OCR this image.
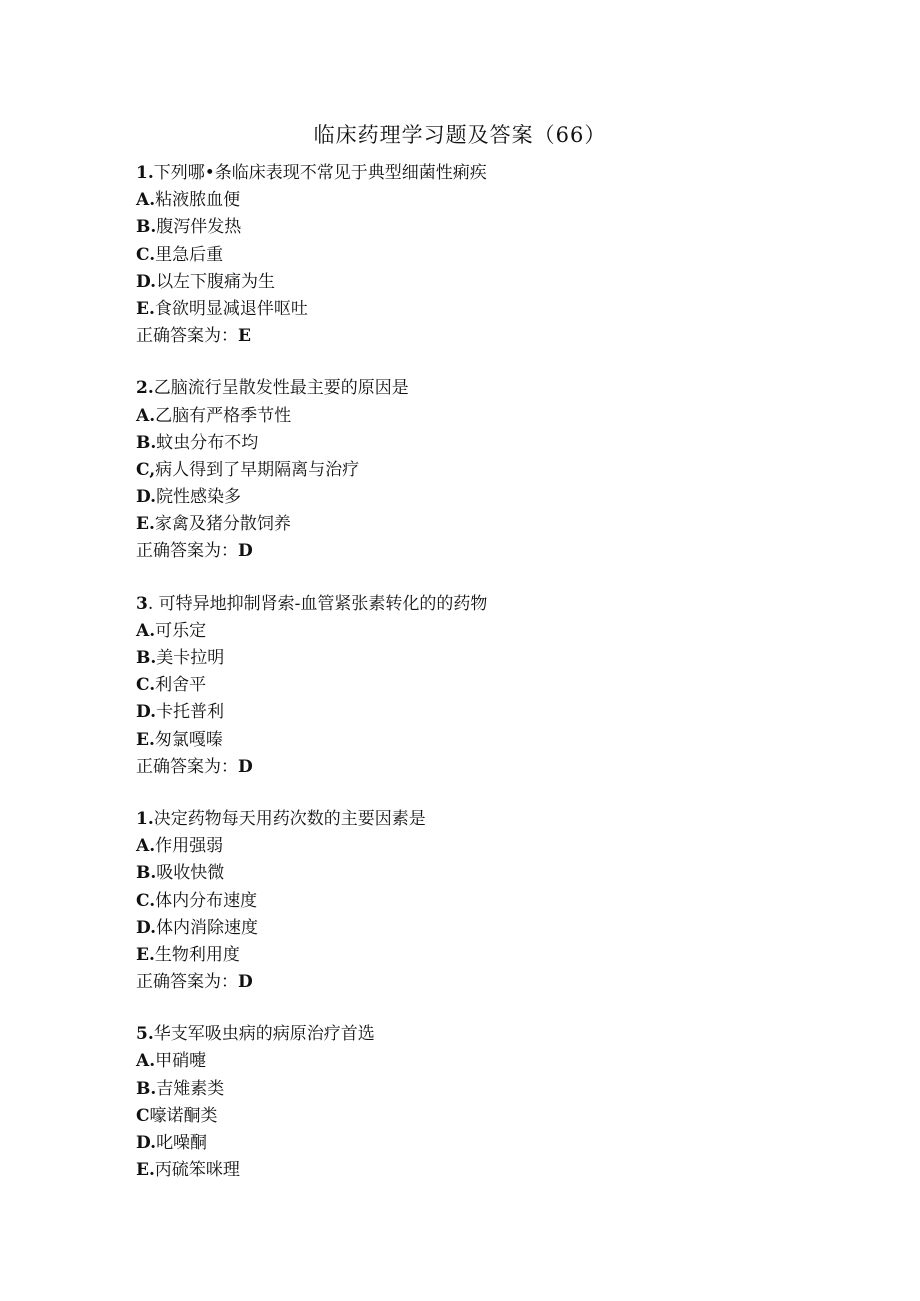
临床药理学习题及答案（66）
1.下列哪•条临床表现不常见于典型细菌性痢疾
A.粘液脓血便
B.腹泻伴发热
C.里急后重
D.以左下腹痛为生
E.食欲明显减退伴呕吐
正确答案为：E
2.乙脑流行呈散发性最主要的原因是
A.乙脑有严格季节性
B.蚊虫分布不均
C,病人得到了早期隔离与治疗
D.院性感染多
E.家禽及猪分散饲养
正确答案为：D
3. 可特异地抑制肾索-血管紧张素转化的的药物
A.可乐定
B.美卡拉明
C.利舍平
D.卡托普利
E.匆氯嘎嗪
正确答案为：D
1.决定药物每天用药次数的主要因素是
A.作用强弱
B.吸收快微
C.体内分布速度
D.体内消除速度
E.生物利用度
正确答案为：D
5.华支军吸虫病的病原治疗首选
A.甲硝嚏
B.吉雉素类
C嚎诺酮类
D.叱噪酮
E.丙硫笨咪理
